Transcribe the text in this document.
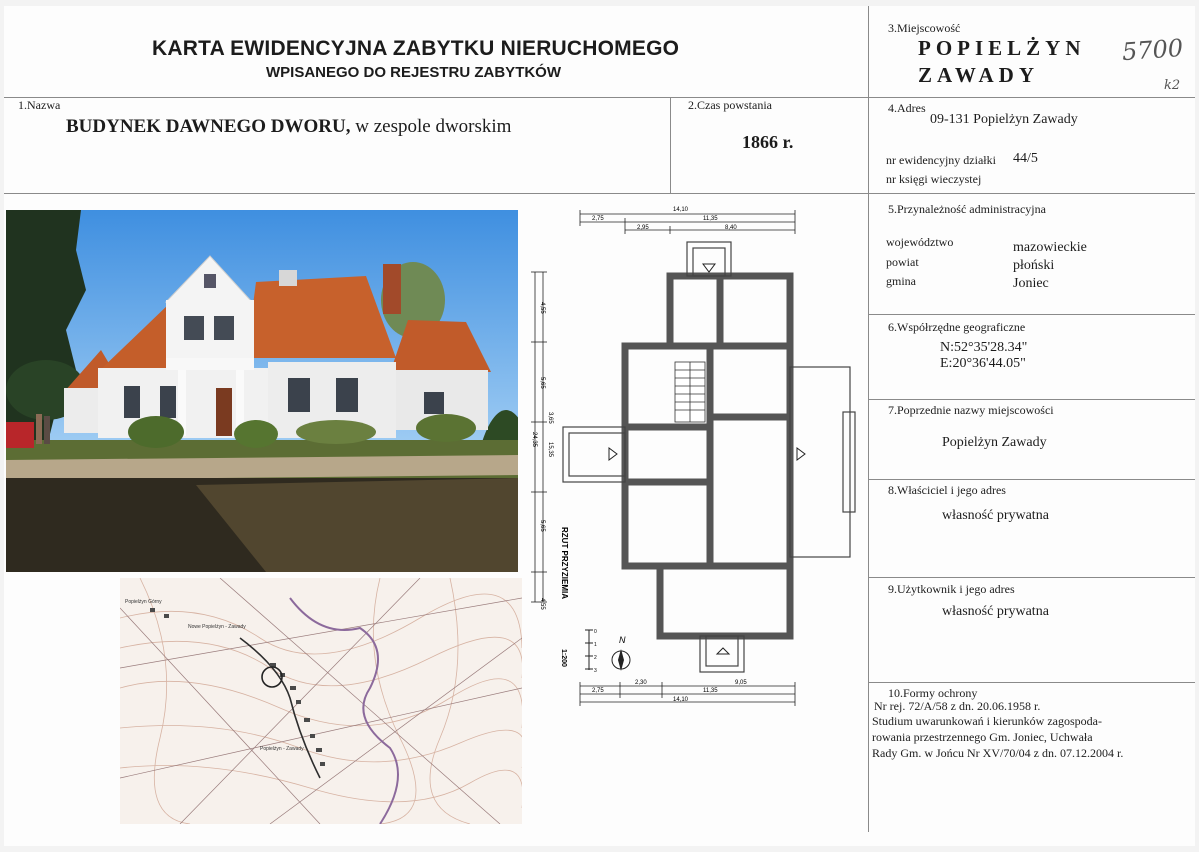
KARTA EWIDENCYJNA ZABYTKU NIERUCHOMEGO
WPISANEGO DO REJESTRU ZABYTKÓW
3.Miejscowość
POPIELŻYN
ZAWADY
5700
k2
1.Nazwa
BUDYNEK DAWNEGO DWORU, w zespole dworskim
2.Czas powstania
1866 r.
4.Adres
09-131 Popielżyn Zawady
nr ewidencyjny działki 44/5
nr księgi wieczystej
5.Przynależność administracyjna
województwo	mazowieckie
powiat	płoński
gmina	Joniec
6.Współrzędne geograficzne
N:52°35'28.34"
E:20°36'44.05"
7.Poprzednie nazwy miejscowości
Popielżyn Zawady
8.Właściciel i jego adres
własność prywatna
9.Użytkownik i jego adres
własność prywatna
10.Formy ochrony
Nr rej. 72/A/58 z dn. 20.06.1958 r.
Studium uwarunkowań i kierunków zagospoda-
rowania przestrzennego Gm. Joniec, Uchwała
Rady Gm. w Jońcu Nr XV/70/04 z dn. 07.12.2004 r.
Popielżyn Górny
Nowe Popielżyn - Zawady
Popielżyn - Zawady
14,10
2,75	11,35
2,95	8,40
2,30	9,05
2,75	11,35
14,10
4,55
5,65
3,65
24,35
15,35
5,65
4,55
RZUT PRZYZIEMIA
1:200
0
1
2
3
N
